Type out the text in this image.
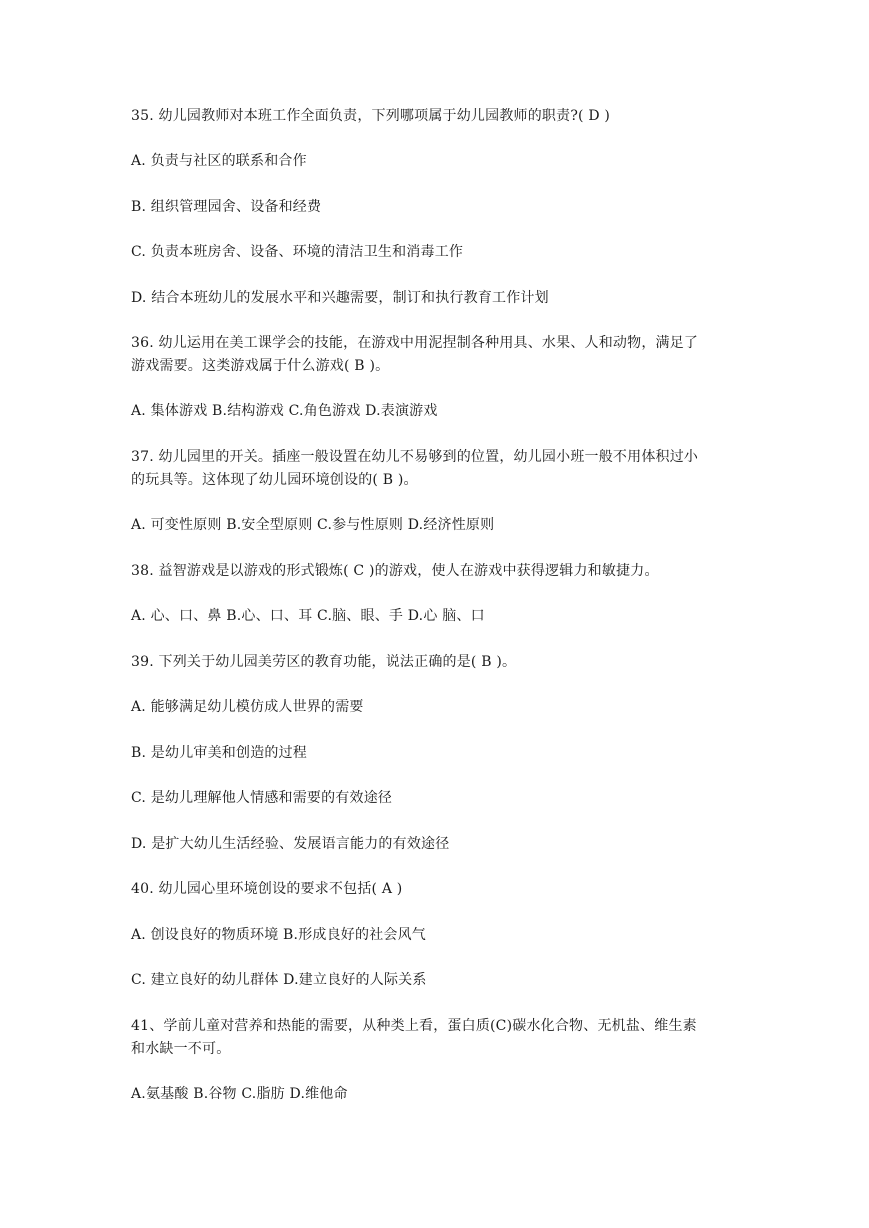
35. 幼儿园教师对本班工作全面负责，下列哪项属于幼儿园教师的职责?( D )
A. 负责与社区的联系和合作
B. 组织管理园舍、设备和经费
C. 负责本班房舍、设备、环境的清洁卫生和消毒工作
D. 结合本班幼儿的发展水平和兴趣需要，制订和执行教育工作计划
36. 幼儿运用在美工课学会的技能，在游戏中用泥捏制各种用具、水果、人和动物，满足了
游戏需要。这类游戏属于什么游戏( B )。
A. 集体游戏 B.结构游戏 C.角色游戏 D.表演游戏
37. 幼儿园里的开关。插座一般设置在幼儿不易够到的位置，幼儿园小班一般不用体积过小
的玩具等。这体现了幼儿园环境创设的( B )。
A. 可变性原则 B.安全型原则 C.参与性原则 D.经济性原则
38. 益智游戏是以游戏的形式锻炼( C )的游戏，使人在游戏中获得逻辑力和敏捷力。
A. 心、口、鼻 B.心、口、耳 C.脑、眼、手 D.心 脑、口
39. 下列关于幼儿园美劳区的教育功能，说法正确的是( B )。
A. 能够满足幼儿模仿成人世界的需要
B. 是幼儿审美和创造的过程
C. 是幼儿理解他人情感和需要的有效途径
D. 是扩大幼儿生活经验、发展语言能力的有效途径
40. 幼儿园心里环境创设的要求不包括( A )
A. 创设良好的物质环境 B.形成良好的社会风气
C. 建立良好的幼儿群体 D.建立良好的人际关系
41、学前儿童对营养和热能的需要，从种类上看，蛋白质(C)碳水化合物、无机盐、维生素
和水缺一不可。
A.氨基酸 B.谷物 C.脂肪 D.维他命
